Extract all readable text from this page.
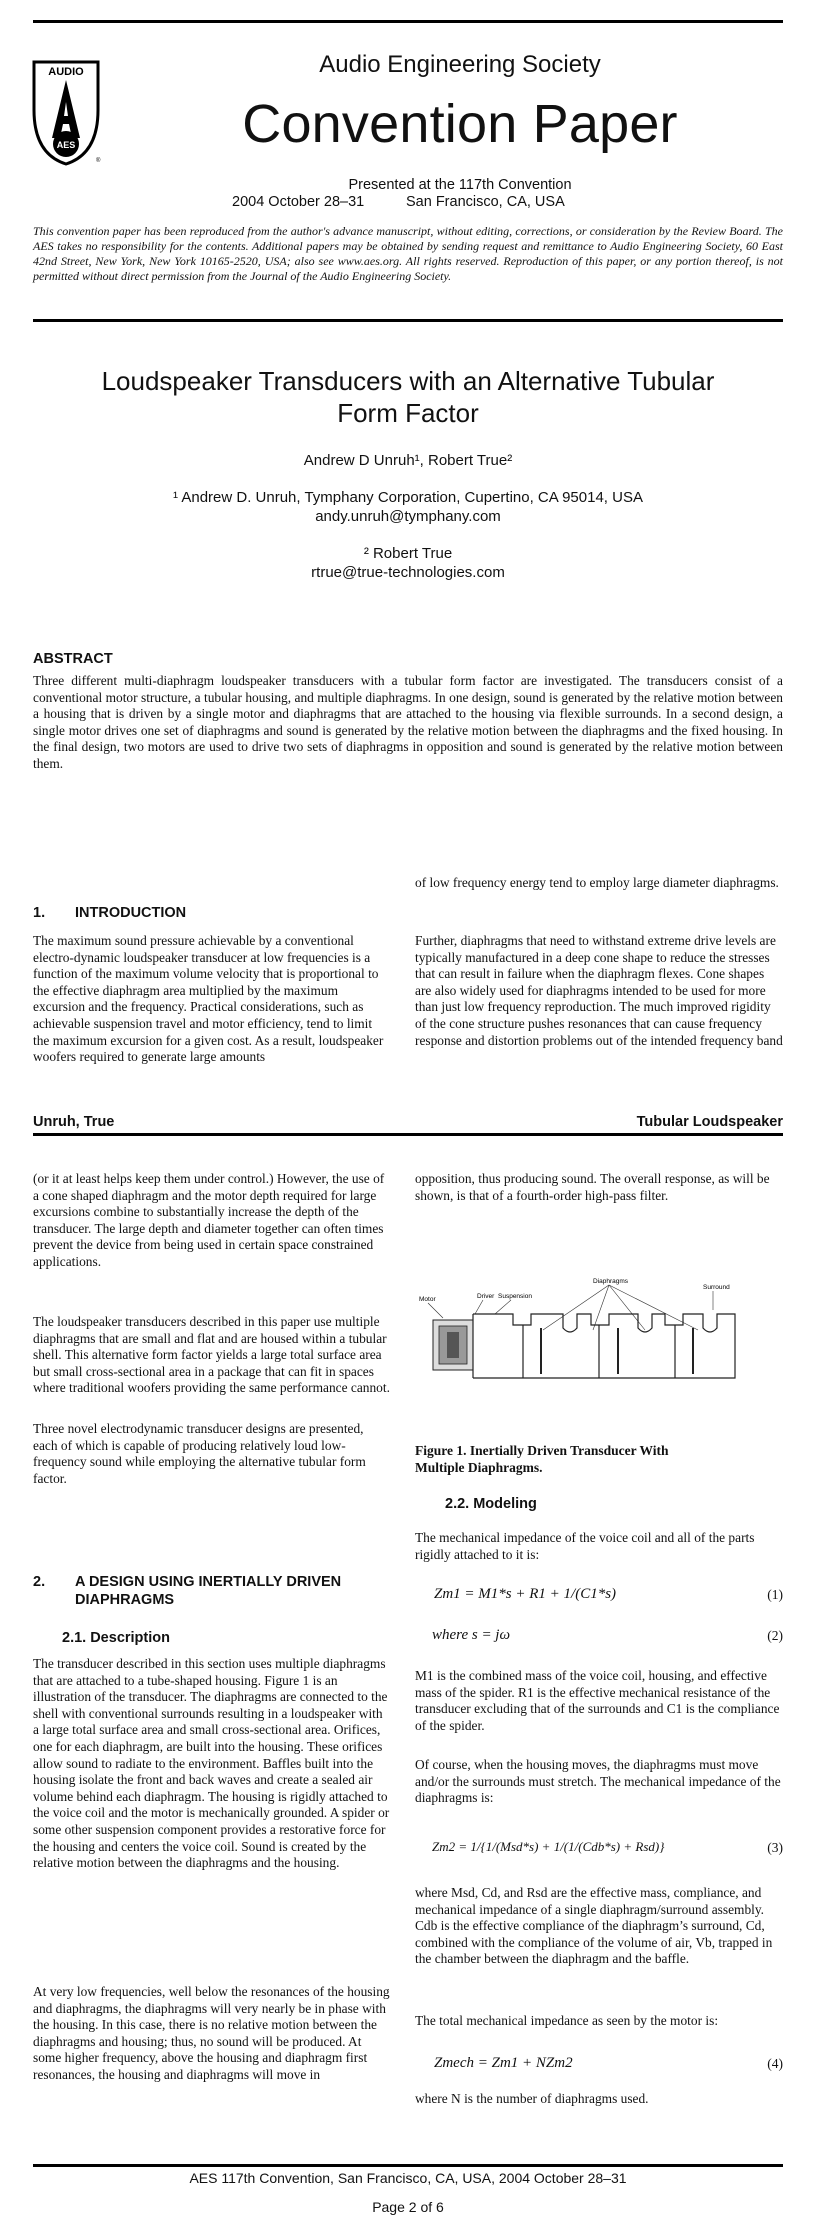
AUDIO
AES
®
Audio Engineering Society
Convention Paper
Presented at the 117th Convention
2004 October 28–31	San Francisco, CA, USA
This convention paper has been reproduced from the author's advance manuscript, without editing, corrections, or consideration by the Review Board. The AES takes no responsibility for the contents. Additional papers may be obtained by sending request and remittance to Audio Engineering Society, 60 East 42nd Street, New York, New York 10165-2520, USA; also see www.aes.org. All rights reserved. Reproduction of this paper, or any portion thereof, is not permitted without direct permission from the Journal of the Audio Engineering Society.
Loudspeaker Transducers with an Alternative Tubular
Form Factor
Andrew D Unruh¹, Robert True²
¹ Andrew D. Unruh, Tymphany Corporation, Cupertino, CA 95014, USA
andy.unruh@tymphany.com
² Robert True
rtrue@true-technologies.com
ABSTRACT

Three different multi-diaphragm loudspeaker transducers with a tubular form factor are investigated. The transducers consist of a conventional motor structure, a tubular housing, and multiple diaphragms. In one design, sound is generated by the relative motion between a housing that is driven by a single motor and diaphragms that are attached to the housing via flexible surrounds. In a second design, a single motor drives one set of diaphragms and sound is generated by the relative motion between the diaphragms and the fixed housing. In the final design, two motors are used to drive two sets of diaphragms in opposition and sound is generated by the relative motion between them.

1. INTRODUCTION

The maximum sound pressure achievable by a conventional electro-dynamic loudspeaker transducer at low frequencies is a function of the maximum volume velocity that is proportional to the effective diaphragm area multiplied by the maximum excursion and the frequency. Practical considerations, such as achievable suspension travel and motor efficiency, tend to limit the maximum excursion for a given cost. As a result, loudspeaker woofers required to generate large amounts

of low frequency energy tend to employ large diameter diaphragms.

Further, diaphragms that need to withstand extreme drive levels are typically manufactured in a deep cone shape to reduce the stresses that can result in failure when the diaphragm flexes. Cone shapes are also widely used for diaphragms intended to be used for more than just low frequency reproduction. The much improved rigidity of the cone structure pushes resonances that can cause frequency response and distortion problems out of the intended frequency band

Unruh, True	Tubular Loudspeaker

(or it at least helps keep them under control.) However, the use of a cone shaped diaphragm and the motor depth required for large excursions combine to substantially increase the depth of the transducer. The large depth and diameter together can often times prevent the device from being used in certain space constrained applications.

The loudspeaker transducers described in this paper use multiple diaphragms that are small and flat and are housed within a tubular shell. This alternative form factor yields a large total surface area but small cross-sectional area in a package that can fit in spaces where traditional woofers providing the same performance cannot.

Three novel electrodynamic transducer designs are presented, each of which is capable of producing relatively loud low-frequency sound while employing the alternative tubular form factor.

2. A DESIGN USING INERTIALLY DRIVEN
DIAPHRAGMS
2.1. Description

The transducer described in this section uses multiple diaphragms that are attached to a tube-shaped housing. Figure 1 is an illustration of the transducer. The diaphragms are connected to the shell with conventional surrounds resulting in a loudspeaker with a large total surface area and small cross-sectional area. Orifices, one for each diaphragm, are built into the housing. These orifices allow sound to radiate to the environment. Baffles built into the housing isolate the front and back waves and create a sealed air volume behind each diaphragm. The housing is rigidly attached to the voice coil and the motor is mechanically grounded. A spider or some other suspension component provides a restorative force for the housing and centers the voice coil. Sound is created by the relative motion between the diaphragms and the housing.

At very low frequencies, well below the resonances of the housing and diaphragms, the diaphragms will very nearly be in phase with the housing. In this case, there is no relative motion between the diaphragms and housing; thus, no sound will be produced. At some higher frequency, above the housing and diaphragm first resonances, the housing and diaphragms will move in

opposition, thus producing sound. The overall response, as will be shown, is that of a fourth-order high-pass filter.

Motor	Driver Suspension
Diaphragms
Surround
Figure 1. Inertially Driven Transducer With
Multiple Diaphragms.
2.2. Modeling

The mechanical impedance of the voice coil and all of the parts rigidly attached to it is:

Zm1 = M1*s + R1 + 1/(C1*s)	(1)
where s = jω	(2)

M1 is the combined mass of the voice coil, housing, and effective mass of the spider. R1 is the effective mechanical resistance of the transducer excluding that of the surrounds and C1 is the compliance of the spider.

Of course, when the housing moves, the diaphragms must move and/or the surrounds must stretch. The mechanical impedance of the diaphragms is:

Zm2 = 1/{1/(Msd*s) + 1/(1/(Cdb*s) + Rsd)}	(3)

where Msd, Cd, and Rsd are the effective mass, compliance, and mechanical impedance of a single diaphragm/surround assembly. Cdb is the effective compliance of the diaphragm’s surround, Cd, combined with the compliance of the volume of air, Vb, trapped in the chamber between the diaphragm and the baffle.

The total mechanical impedance as seen by the motor is:

Zmech = Zm1 + NZm2	(4)

where N is the number of diaphragms used.

AES 117th Convention, San Francisco, CA, USA, 2004 October 28–31
Page 2 of 6
